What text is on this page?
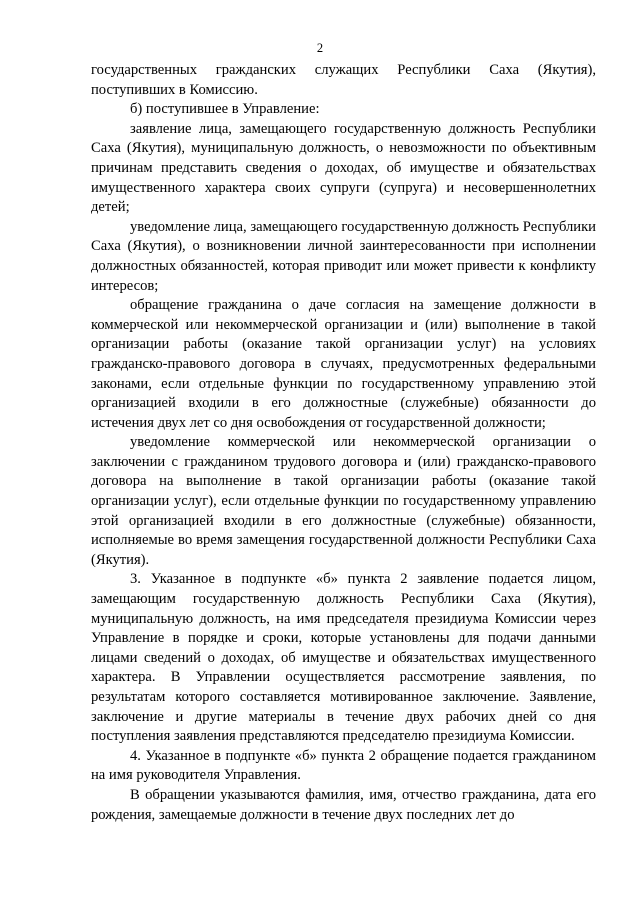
2

государственных гражданских служащих Республики Саха (Якутия), поступивших в Комиссию.

б) поступившее в Управление:

заявление лица, замещающего государственную должность Республики Саха (Якутия), муниципальную должность, о невозможности по объективным причинам представить сведения о доходах, об имуществе и обязательствах имущественного характера своих супруги (супруга) и несовершеннолетних детей;

уведомление лица, замещающего государственную должность Республики Саха (Якутия), о возникновении личной заинтересованности при исполнении должностных обязанностей, которая приводит или может привести к конфликту интересов;

обращение гражданина о даче согласия на замещение должности в коммерческой или некоммерческой организации и (или) выполнение в такой организации работы (оказание такой организации услуг) на условиях гражданско-правового договора в случаях, предусмотренных федеральными законами, если отдельные функции по государственному управлению этой организацией входили в его должностные (служебные) обязанности до истечения двух лет со дня освобождения от государственной должности;

уведомление коммерческой или некоммерческой организации о заключении с гражданином трудового договора и (или) гражданско-правового договора на выполнение в такой организации работы (оказание такой организации услуг), если отдельные функции по государственному управлению этой организацией входили в его должностные (служебные) обязанности, исполняемые во время замещения государственной должности Республики Саха (Якутия).

3. Указанное в подпункте «б» пункта 2 заявление подается лицом, замещающим государственную должность Республики Саха (Якутия), муниципальную должность, на имя председателя президиума Комиссии через Управление в порядке и сроки, которые установлены для подачи данными лицами сведений о доходах, об имуществе и обязательствах имущественного характера. В Управлении осуществляется рассмотрение заявления, по результатам которого составляется мотивированное заключение. Заявление, заключение и другие материалы в течение двух рабочих дней со дня поступления заявления представляются председателю президиума Комиссии.

4. Указанное в подпункте «б» пункта 2 обращение подается гражданином на имя руководителя Управления.

В обращении указываются фамилия, имя, отчество гражданина, дата его рождения, замещаемые должности в течение двух последних лет до
